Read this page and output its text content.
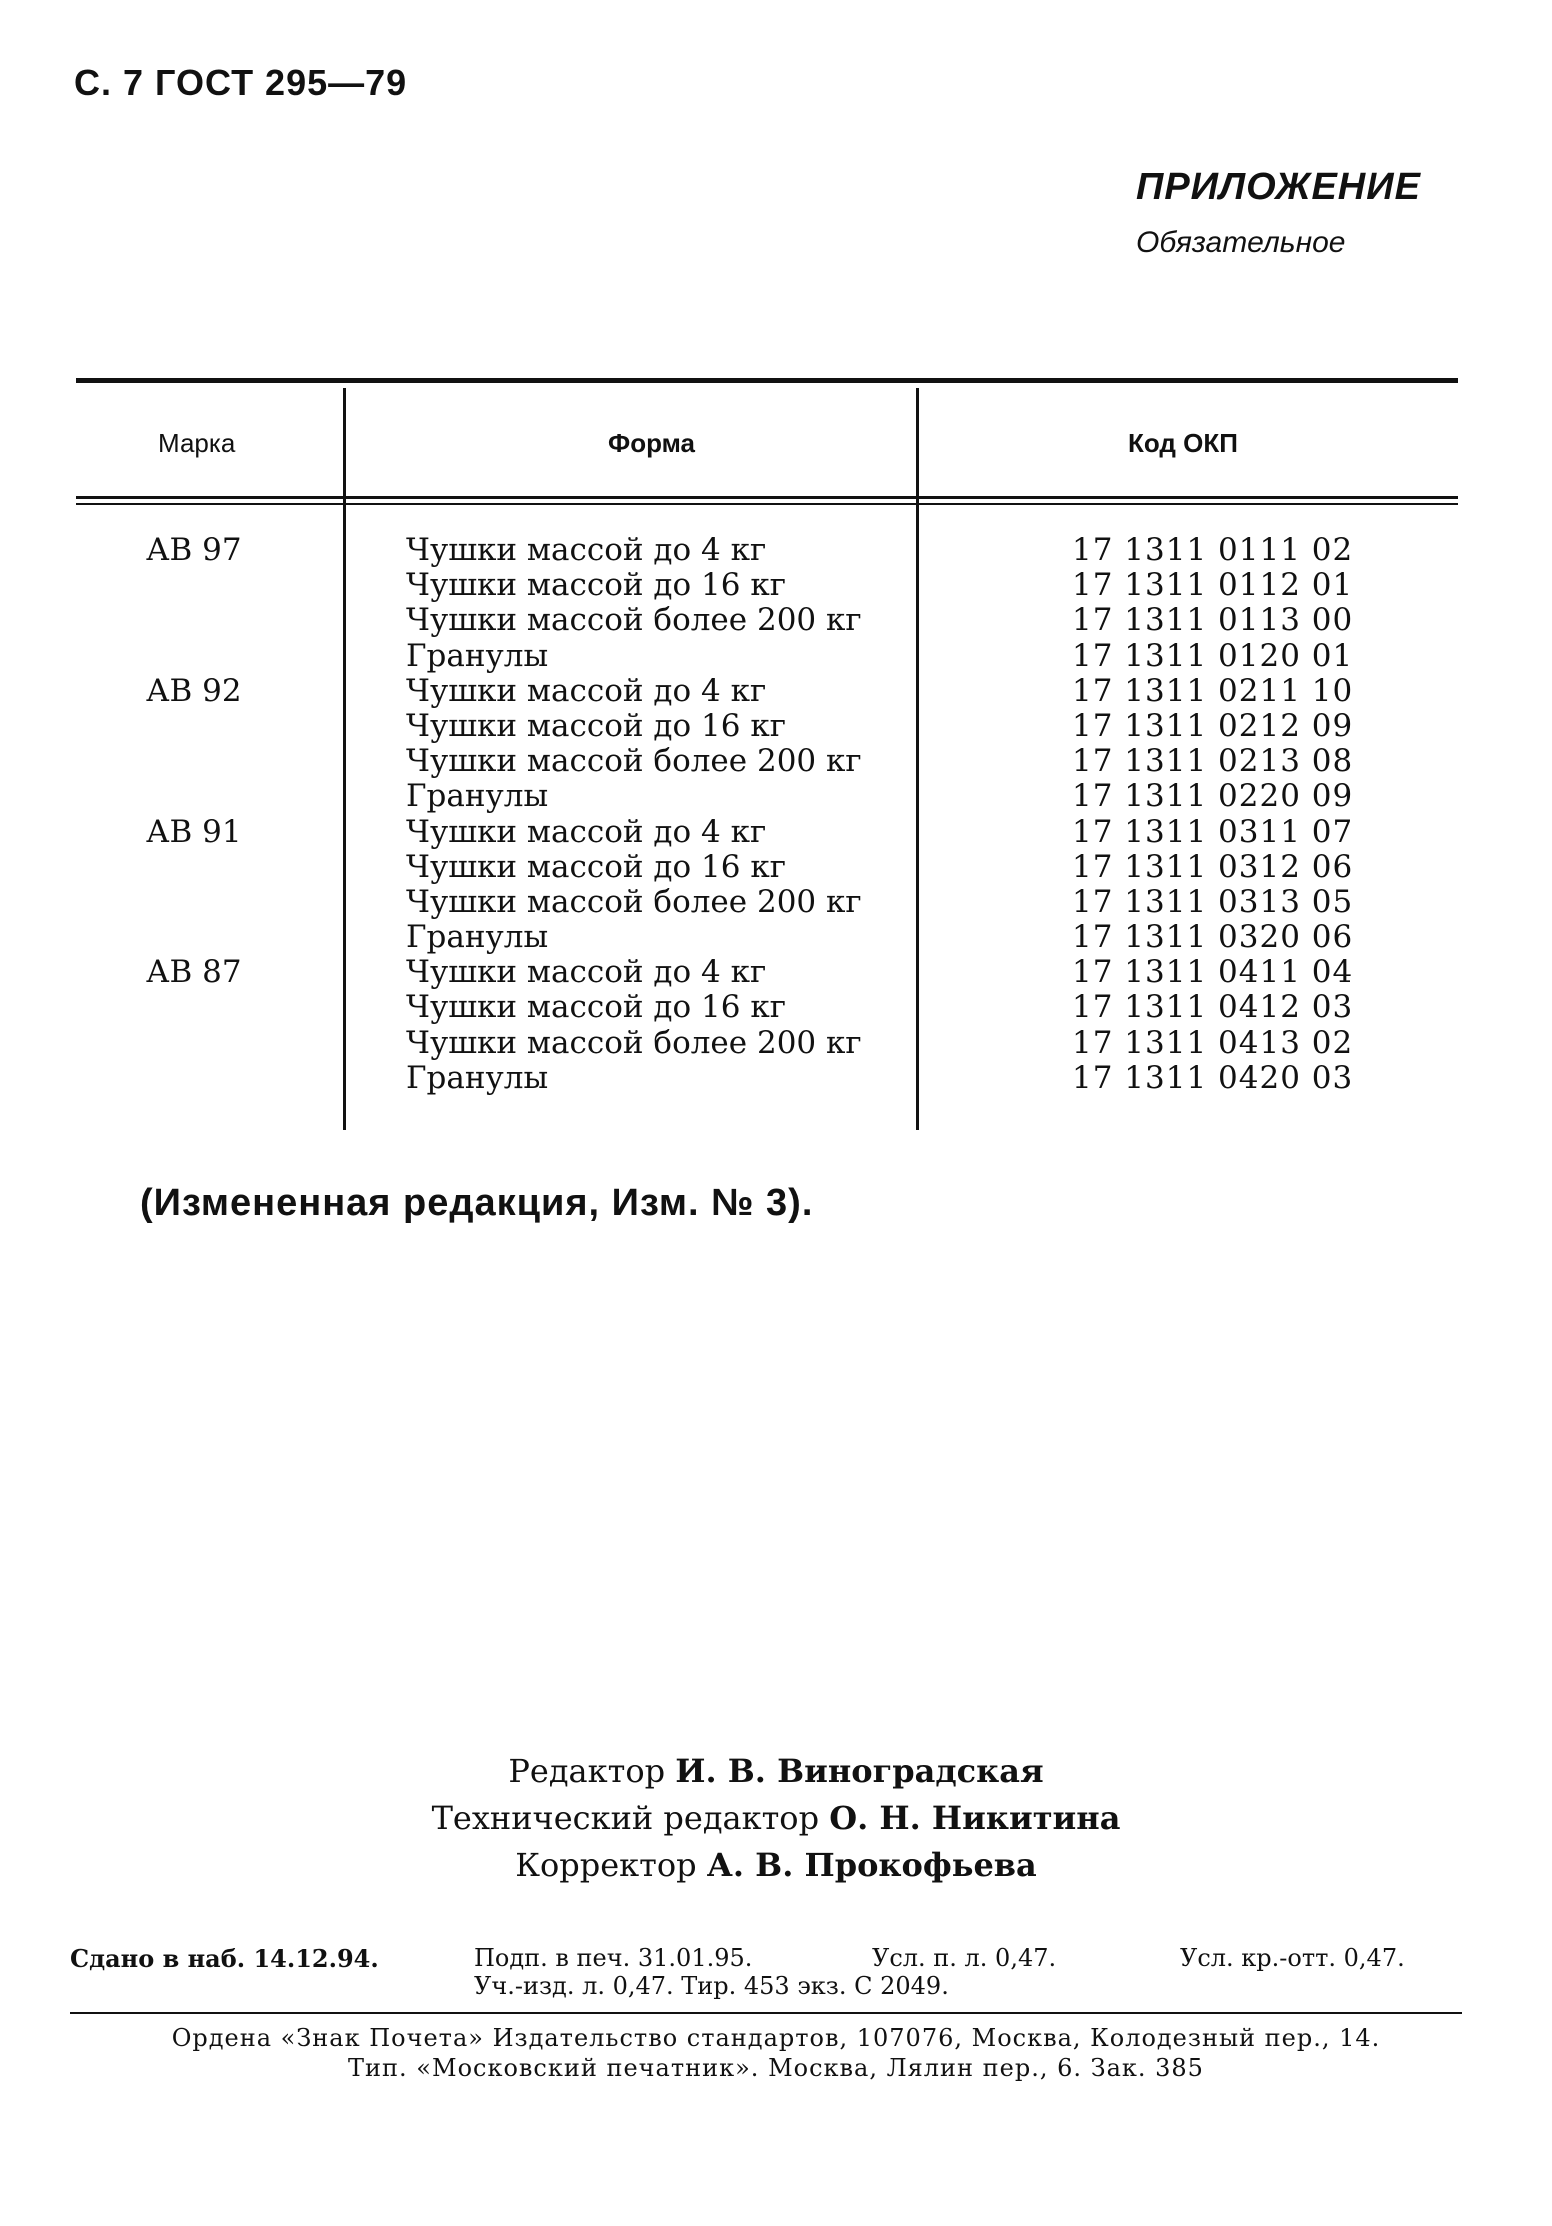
С. 7 ГОСТ 295—79
ПРИЛОЖЕНИЕ
Обязательное
Марка	Форма	Код ОКП
АВ 97	Чушки массой до 4 кг	17 1311 0111 02
Чушки массой до 16 кг	17 1311 0112 01
Чушки массой более 200 кг	17 1311 0113 00
Гранулы	17 1311 0120 01
АВ 92	Чушки массой до 4 кг	17 1311 0211 10
Чушки массой до 16 кг	17 1311 0212 09
Чушки массой более 200 кг	17 1311 0213 08
Гранулы	17 1311 0220 09
АВ 91	Чушки массой до 4 кг	17 1311 0311 07
Чушки массой до 16 кг	17 1311 0312 06
Чушки массой более 200 кг	17 1311 0313 05
Гранулы	17 1311 0320 06
АВ 87	Чушки массой до 4 кг	17 1311 0411 04
Чушки массой до 16 кг	17 1311 0412 03
Чушки массой более 200 кг	17 1311 0413 02
Гранулы	17 1311 0420 03
(Измененная редакция, Изм. № 3).
Редактор И. В. Виноградская
Технический редактор О. Н. Никитина
Корректор А. В. Прокофьева
Сдано в наб. 14.12.94.	Подп. в печ. 31.01.95.	Усл. п. л. 0,47.	Усл. кр.-отт. 0,47.
Уч.-изд. л. 0,47. Тир. 453 экз. С 2049.
Ордена «Знак Почета» Издательство стандартов, 107076, Москва, Колодезный пер., 14.
Тип. «Московский печатник». Москва, Лялин пер., 6. Зак. 385
